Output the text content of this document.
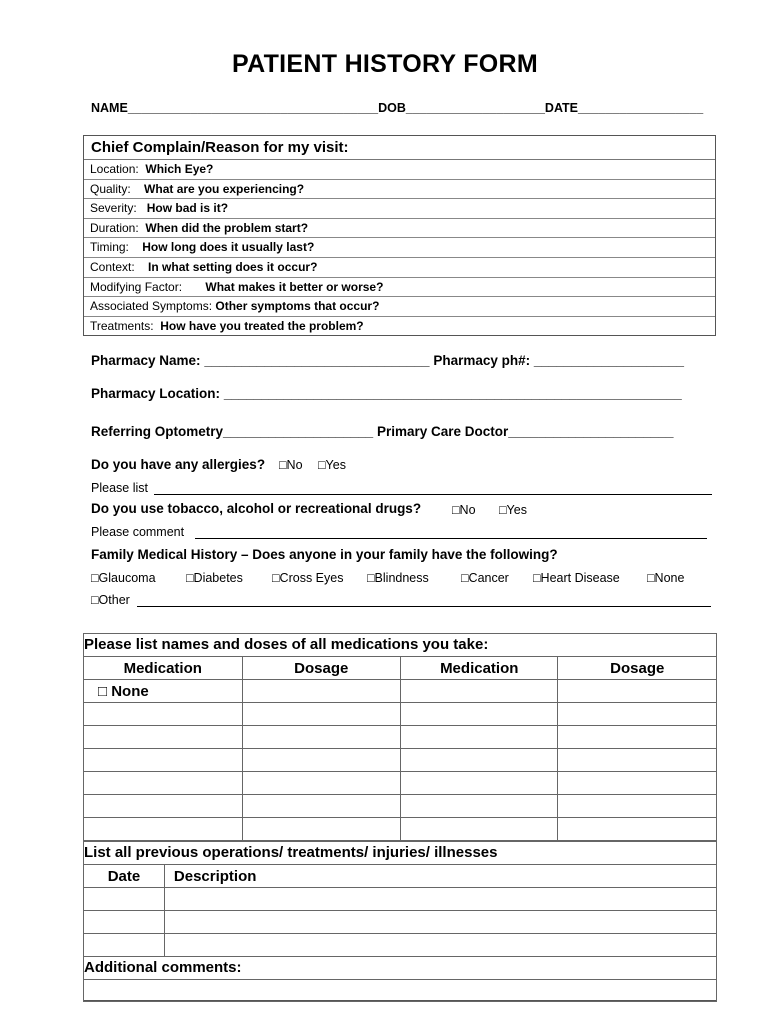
PATIENT HISTORY FORM
NAME____________________________________DOB____________________DATE__________________
Chief Complain/Reason for my visit:
Location: Which Eye?
Quality: What are you experiencing?
Severity: How bad is it?
Duration: When did the problem start?
Timing: How long does it usually last?
Context: In what setting does it occur?
Modifying Factor: What makes it better or worse?
Associated Symptoms: Other symptoms that occur?
Treatments: How have you treated the problem?
Pharmacy Name: ______________________________ Pharmacy ph#: ____________________
Pharmacy Location: _____________________________________________________________
Referring Optometry____________________ Primary Care Doctor______________________
Do you have any allergies? □No □Yes
Please list
Do you use tobacco, alcohol or recreational drugs? □No □Yes
Please comment
Family Medical History – Does anyone in your family have the following?
□Glaucoma □Diabetes □Cross Eyes □Blindness	□Cancer □Heart Disease □None
□Other
Please list names and doses of all medications you take:			
Medication	Dosage	Medication	Dosage
□ None			

List all previous operations/ treatments/ injuries/ illnesses	
Date	Description

Additional comments:
